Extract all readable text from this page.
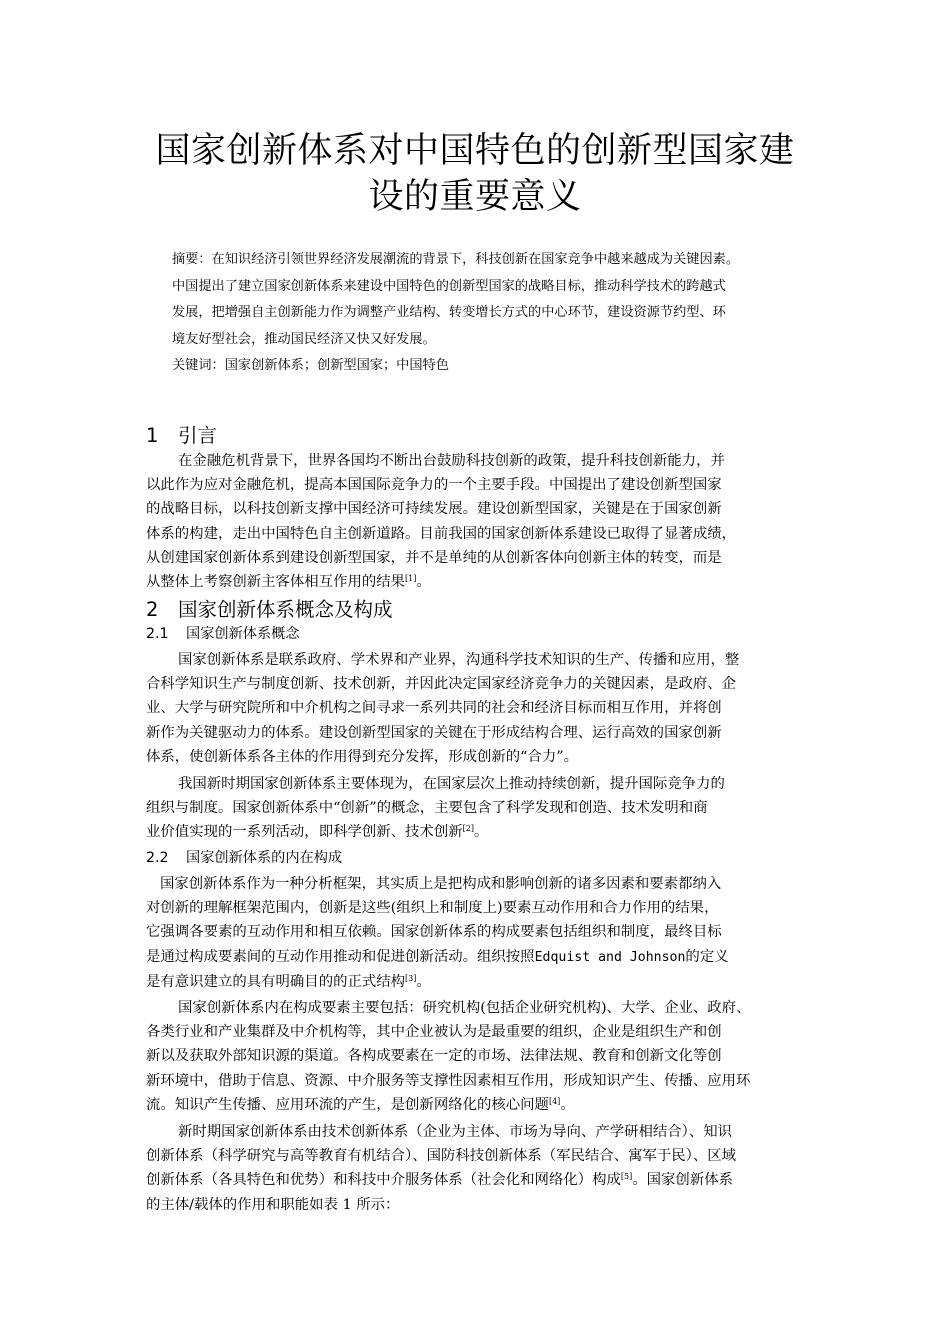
国家创新体系对中国特色的创新型国家建
设的重要意义
摘要：在知识经济引领世界经济发展潮流的背景下，科技创新在国家竞争中越来越成为关键因素。
中国提出了建立国家创新体系来建设中国特色的创新型国家的战略目标，推动科学技术的跨越式
发展，把增强自主创新能力作为调整产业结构、转变增长方式的中心环节，建设资源节约型、环
境友好型社会，推动国民经济又快又好发展。
关键词：国家创新体系；创新型国家；中国特色
1 引言
在金融危机背景下，世界各国均不断出台鼓励科技创新的政策，提升科技创新能力，并
以此作为应对金融危机，提高本国国际竞争力的一个主要手段。中国提出了建设创新型国家
的战略目标，以科技创新支撑中国经济可持续发展。建设创新型国家，关键是在于国家创新
体系的构建，走出中国特色自主创新道路。目前我国的国家创新体系建设已取得了显著成绩，
从创建国家创新体系到建设创新型国家，并不是单纯的从创新客体向创新主体的转变，而是
从整体上考察创新主客体相互作用的结果[1]。
2 国家创新体系概念及构成
2.1 国家创新体系概念
国家创新体系是联系政府、学术界和产业界，沟通科学技术知识的生产、传播和应用，整
合科学知识生产与制度创新、技术创新，并因此决定国家经济竞争力的关键因素，是政府、企
业、大学与研究院所和中介机构之间寻求一系列共同的社会和经济目标而相互作用，并将创
新作为关键驱动力的体系。建设创新型国家的关键在于形成结构合理、运行高效的国家创新
体系，使创新体系各主体的作用得到充分发挥，形成创新的“合力”。
我国新时期国家创新体系主要体现为，在国家层次上推动持续创新，提升国际竞争力的
组织与制度。国家创新体系中“创新”的概念，主要包含了科学发现和创造、技术发明和商
业价值实现的一系列活动，即科学创新、技术创新[2]。
2.2 国家创新体系的内在构成
国家创新体系作为一种分析框架，其实质上是把构成和影响创新的诸多因素和要素都纳入
对创新的理解框架范围内，创新是这些(组织上和制度上)要素互动作用和合力作用的结果，
它强调各要素的互动作用和相互依赖。国家创新体系的构成要素包括组织和制度，最终目标
是通过构成要素间的互动作用推动和促进创新活动。组织按照Edquist and Johnson的定义
是有意识建立的具有明确目的的正式结构[3]。
国家创新体系内在构成要素主要包括：研究机构(包括企业研究机构)、大学、企业、政府、
各类行业和产业集群及中介机构等，其中企业被认为是最重要的组织，企业是组织生产和创
新以及获取外部知识源的渠道。各构成要素在一定的市场、法律法规、教育和创新文化等创
新环境中，借助于信息、资源、中介服务等支撑性因素相互作用，形成知识产生、传播、应用环
流。知识产生传播、应用环流的产生，是创新网络化的核心问题[4]。
新时期国家创新体系由技术创新体系（企业为主体、市场为导向、产学研相结合）、知识
创新体系（科学研究与高等教育有机结合）、国防科技创新体系（军民结合、寓军于民）、区域
创新体系（各具特色和优势）和科技中介服务体系（社会化和网络化）构成[5]。国家创新体系
的主体/载体的作用和职能如表 1 所示：
